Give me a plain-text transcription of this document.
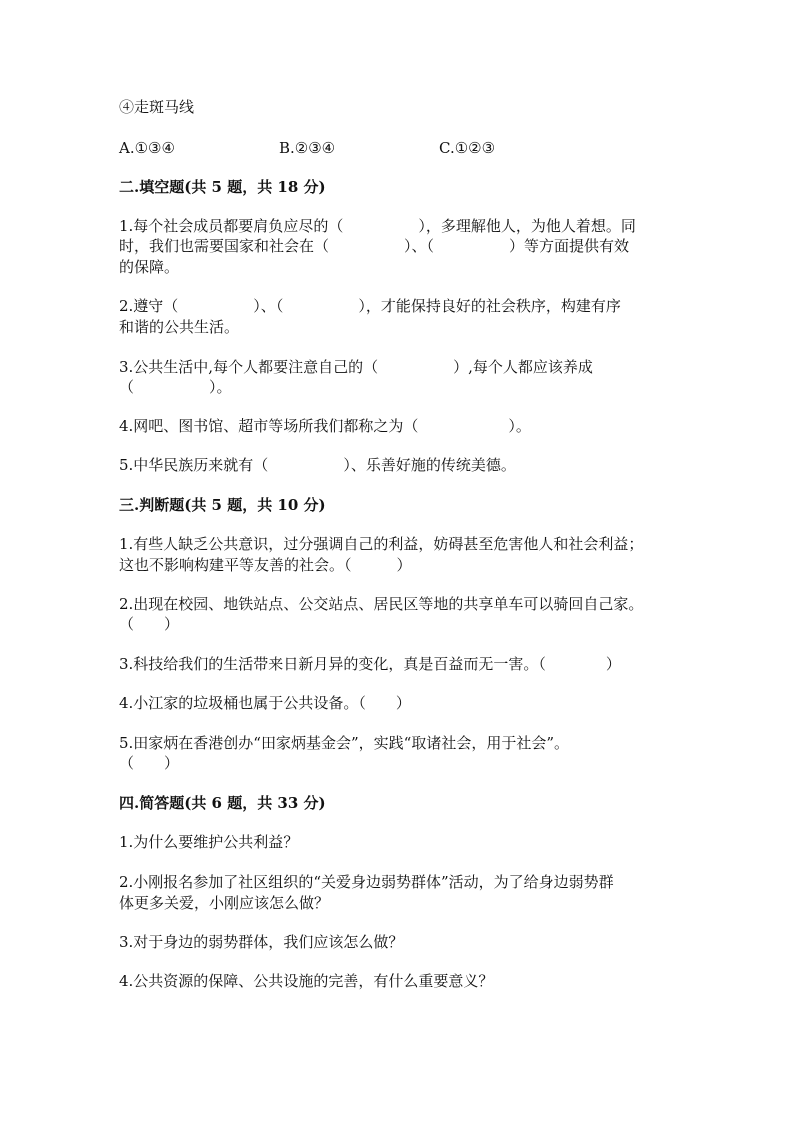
④走斑马线
A.①③④	B.②③④	C.①②③
二.填空题(共 5 题，共 18 分)
1.每个社会成员都要肩负应尽的（　　　　　），多理解他人，为他人着想。同
时，我们也需要国家和社会在（　　　　　）、（　　　　　）等方面提供有效
的保障。
2.遵守（　　　　　）、（　　　　　），才能保持良好的社会秩序，构建有序
和谐的公共生活。
3.公共生活中,每个人都要注意自己的（　　　　　）,每个人都应该养成
（　　　　　）。
4.网吧、图书馆、超市等场所我们都称之为（　　　　　　）。
5.中华民族历来就有（　　　　　）、乐善好施的传统美德。
三.判断题(共 5 题，共 10 分)
1.有些人缺乏公共意识，过分强调自己的利益，妨碍甚至危害他人和社会利益；
这也不影响构建平等友善的社会。（　　　）
2.出现在校园、地铁站点、公交站点、居民区等地的共享单车可以骑回自己家。
（　　）
3.科技给我们的生活带来日新月异的变化，真是百益而无一害。（　　　　）
4.小江家的垃圾桶也属于公共设备。（　　）
5.田家炳在香港创办“田家炳基金会”，实践“取诸社会，用于社会”。
（　　）
四.简答题(共 6 题，共 33 分)
1.为什么要维护公共利益？
2.小刚报名参加了社区组织的“关爱身边弱势群体”活动，为了给身边弱势群
体更多关爱，小刚应该怎么做？
3.对于身边的弱势群体，我们应该怎么做？
4.公共资源的保障、公共设施的完善，有什么重要意义？
